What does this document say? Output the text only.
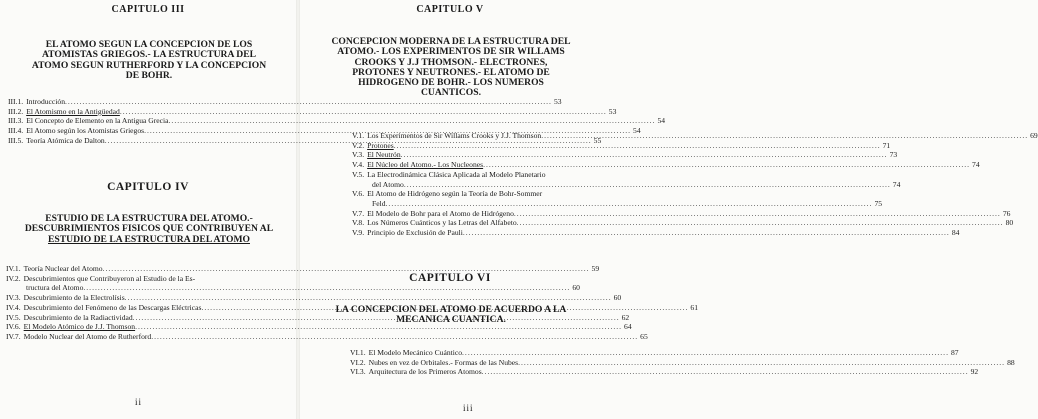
CAPITULO III
EL ATOMO SEGUN LA CONCEPCION DE LOS
ATOMISTAS GRIEGOS.- LA ESTRUCTURA DEL
ATOMO SEGUN RUTHERFORD Y LA CONCEPCION
DE BOHR.
III.1. Introducción .....	53
III.2. El Atomismo en la Antigüedad .....	53
III.3. El Concepto de Elemento en la Antigua Grecia .....	54
III.4. El Atomo según los Atomistas Griegos .....	54
III.5. Teoría Atómica de Dalton .....	55
CAPITULO IV
ESTUDIO DE LA ESTRUCTURA DEL ATOMO.-
DESCUBRIMIENTOS FISICOS QUE CONTRIBUYEN AL
ESTUDIO DE LA ESTRUCTURA DEL ATOMO
IV.1. Teoría Nuclear del Atomo .....	59
IV.2. Descubrimientos que Contribuyeron al Estudio de la Es-
tructura del Atomo .....	60
IV.3. Descubrimiento de la Electrolísis .....	60
IV.4. Descubrimiento del Fenómeno de las Descargas Eléctricas .....	61
IV.5. Descubrimiento de la Radiactividad .....	62
IV.6. El Modelo Atómico de J.J. Thomson .....	64
IV.7. Modelo Nuclear del Atomo de Rutherford .....	65
ii
CAPITULO V
CONCEPCION MODERNA DE LA ESTRUCTURA DEL
ATOMO.- LOS EXPERIMENTOS DE SIR WILLAMS
CROOKS Y J.J THOMSON.- ELECTRONES,
PROTONES Y NEUTRONES.- EL ATOMO DE
HIDROGENO DE BOHR.- LOS NUMEROS
CUANTICOS.
V.1. Los Experimentos de Sir Willams Crooks y J.J. Thomson .....	69
V.2. Protones .....	71
V.3. El Neutrón .....	73
V.4. El Núcleo del Atomo.- Los Nucleones .....	74
V.5. La Electrodinámica Clásica Aplicada al Modelo Planetario
del Atomo .....	74
V.6. El Atomo de Hidrógeno según la Teoría de Bohr-Sommer
Feld .....	75
V.7. El Modelo de Bohr para el Atomo de Hidrógeno .....	76
V.8. Los Números Cuánticos y las Letras del Alfabeto .....	80
V.9. Principio de Exclusión de Pauli .....	84
CAPITULO VI
LA CONCEPCION DEL ATOMO DE ACUERDO A LA
MECANICA CUANTICA.
VI.1. El Modelo Mecánico Cuántico .....	87
VI.2. Nubes en vez de Orbitales.- Formas de las Nubes .....	88
VI.3. Arquitectura de los Primeros Atomos .....	92
iii
